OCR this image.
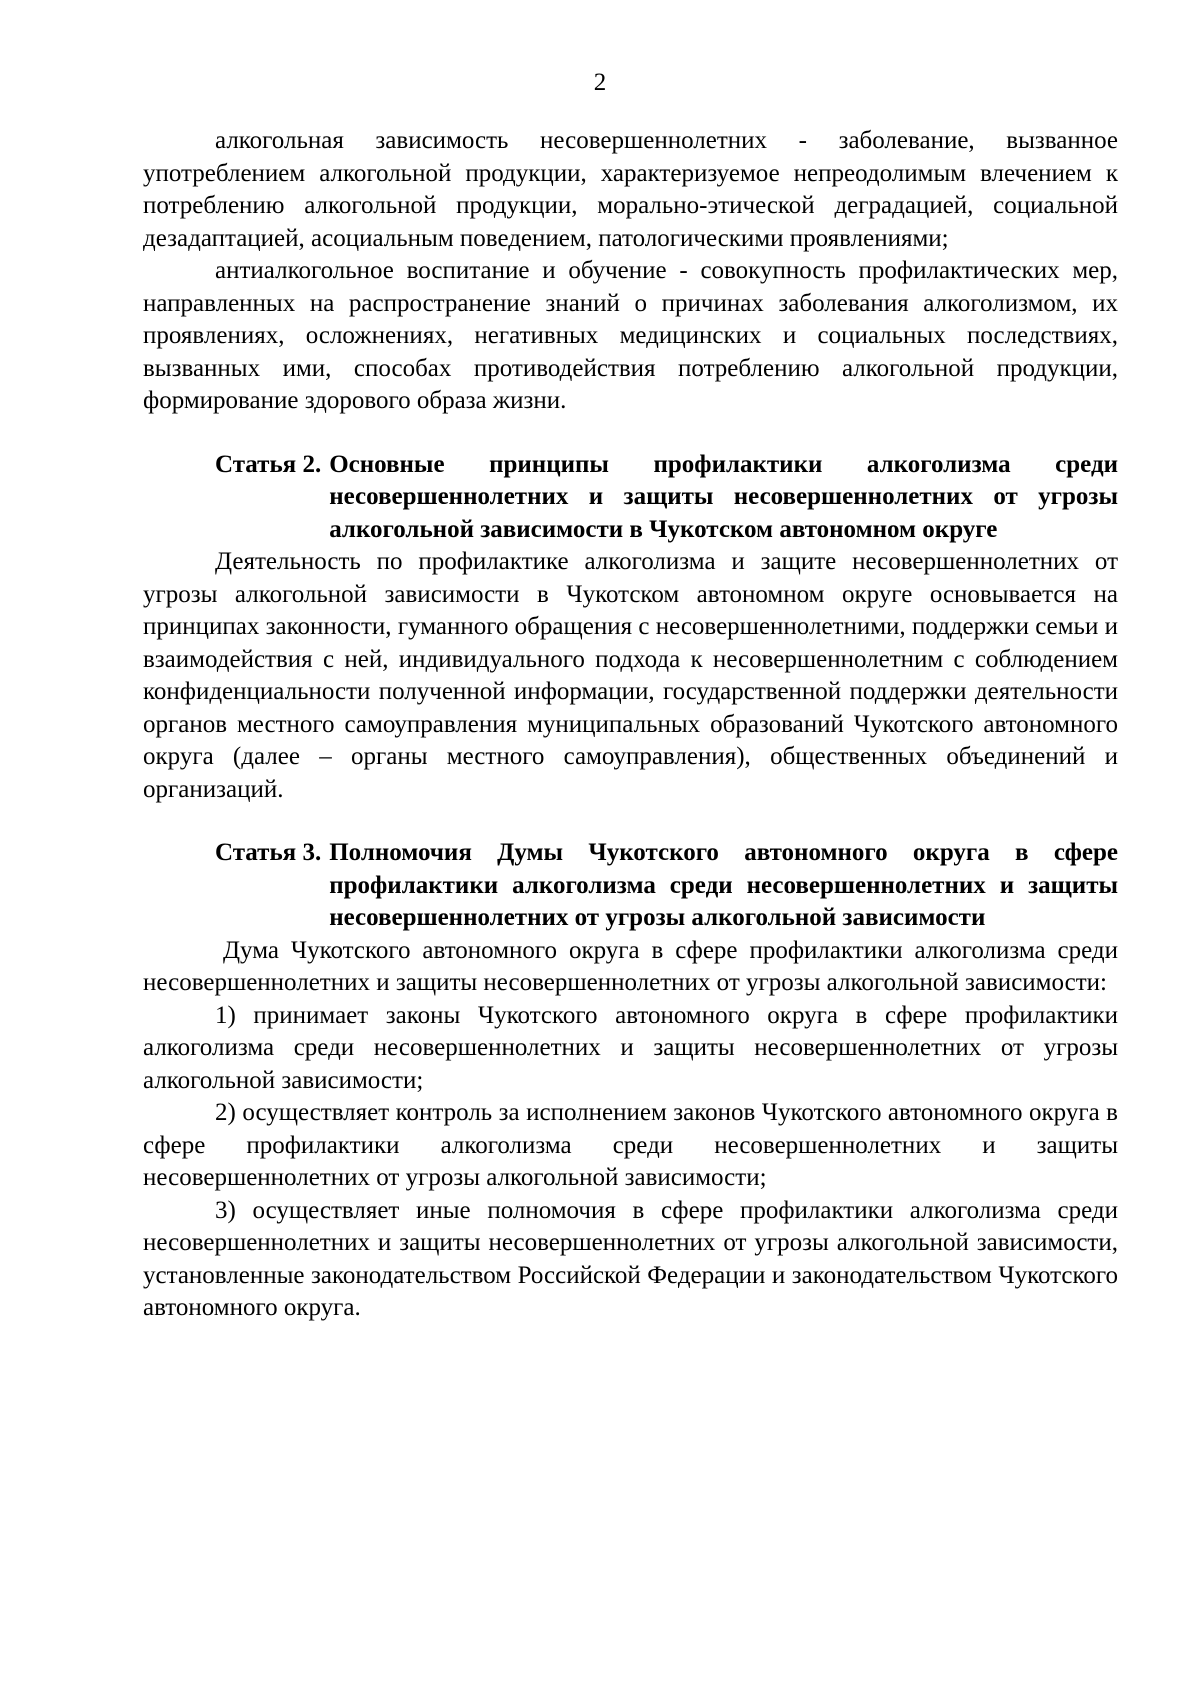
2

алкогольная зависимость несовершеннолетних - заболевание, вызванное употреблением алкогольной продукции, характеризуемое непреодолимым влечением к потреблению алкогольной продукции, морально-этической деградацией, социальной дезадаптацией, асоциальным поведением, патологическими проявлениями;

антиалкогольное воспитание и обучение - совокупность профилактических мер, направленных на распространение знаний о причинах заболевания алкоголизмом, их проявлениях, осложнениях, негативных медицинских и социальных последствиях, вызванных ими, способах противодействия потреблению алкогольной продукции, формирование здорового образа жизни.

Статья 2. Основные принципы профилактики алкоголизма среди несовершеннолетних и защиты несовершеннолетних от угрозы алкогольной зависимости в Чукотском автономном округе

Деятельность по профилактике алкоголизма и защите несовершеннолетних от угрозы алкогольной зависимости в Чукотском автономном округе основывается на принципах законности, гуманного обращения с несовершеннолетними, поддержки семьи и взаимодействия с ней, индивидуального подхода к несовершеннолетним с соблюдением конфиденциальности полученной информации, государственной поддержки деятельности органов местного самоуправления муниципальных образований Чукотского автономного округа (далее – органы местного самоуправления), общественных объединений и организаций.

Статья 3. Полномочия Думы Чукотского автономного округа в сфере профилактики алкоголизма среди несовершеннолетних и защиты несовершеннолетних от угрозы алкогольной зависимости

Дума Чукотского автономного округа в сфере профилактики алкоголизма среди несовершеннолетних и защиты несовершеннолетних от угрозы алкогольной зависимости:

1) принимает законы Чукотского автономного округа в сфере профилактики алкоголизма среди несовершеннолетних и защиты несовершеннолетних от угрозы алкогольной зависимости;

2) осуществляет контроль за исполнением законов Чукотского автономного округа в сфере профилактики алкоголизма среди несовершеннолетних и защиты несовершеннолетних от угрозы алкогольной зависимости;

3) осуществляет иные полномочия в сфере профилактики алкоголизма среди несовершеннолетних и защиты несовершеннолетних от угрозы алкогольной зависимости, установленные законодательством Российской Федерации и законодательством Чукотского автономного округа.
